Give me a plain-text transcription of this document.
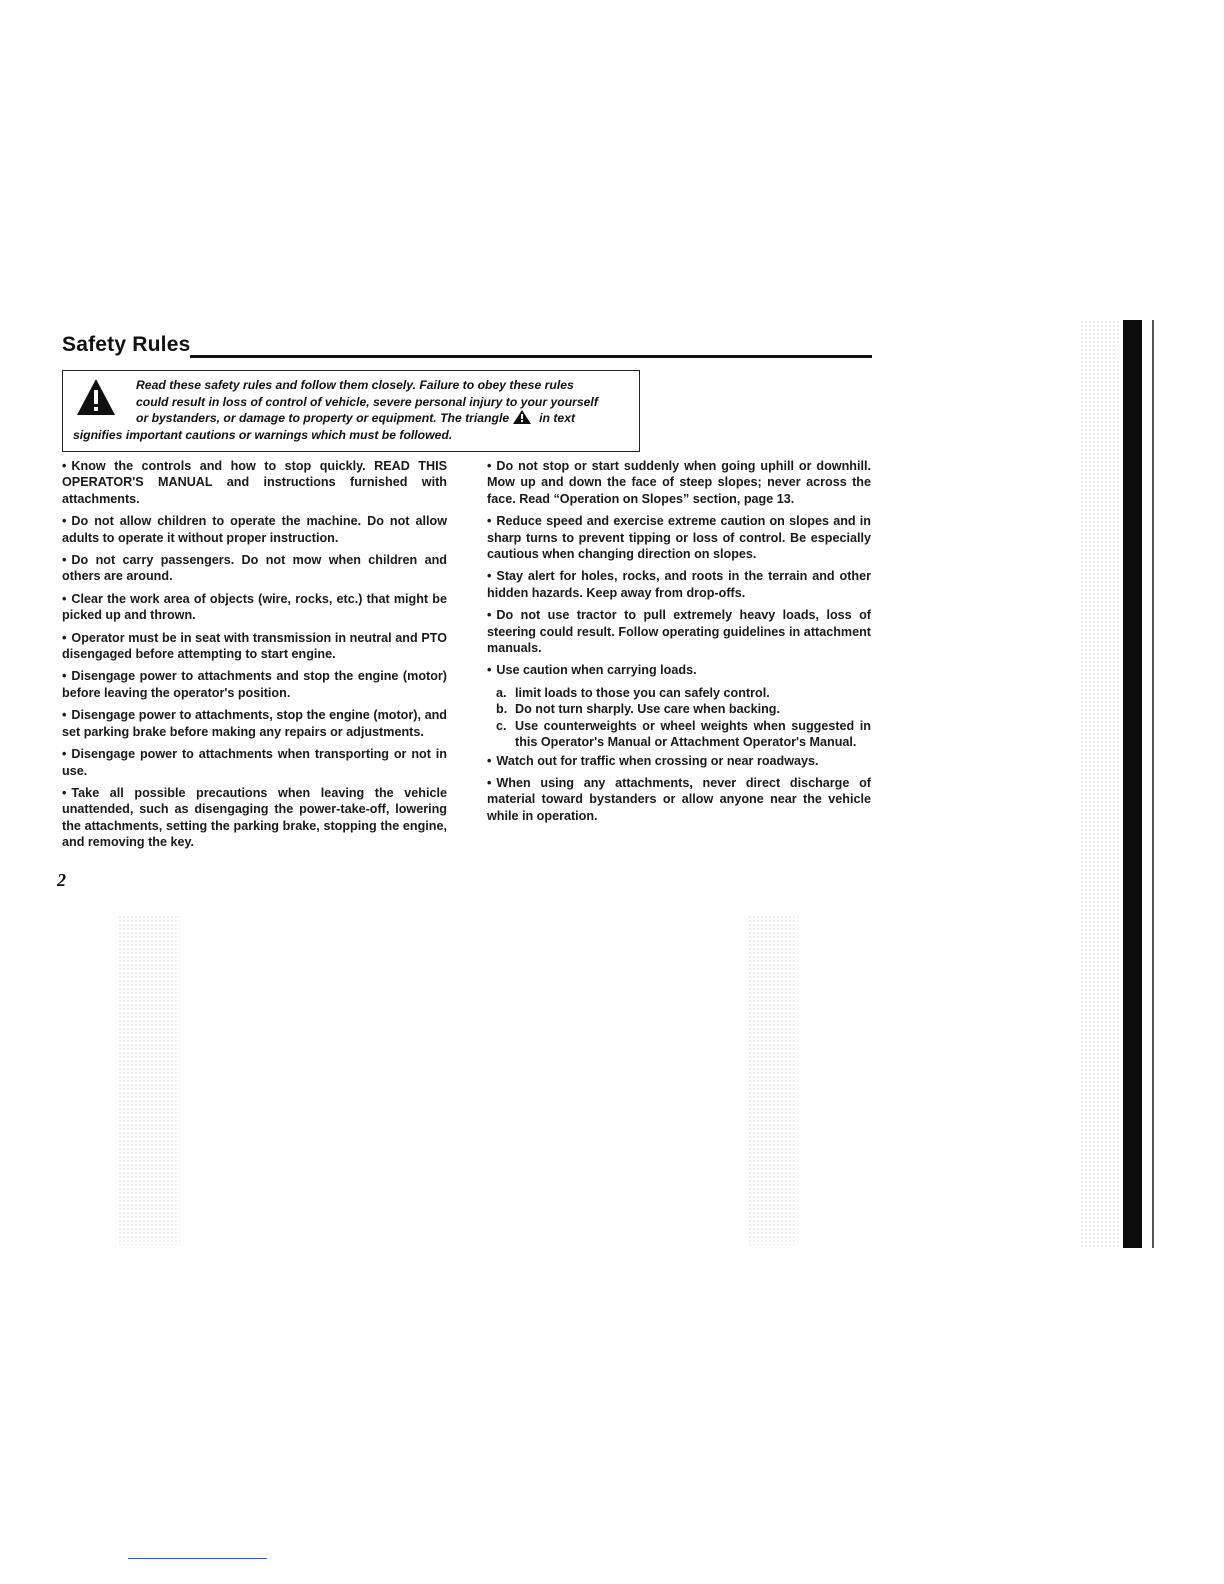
Safety Rules
Read these safety rules and follow them closely. Failure to obey these rules
could result in loss of control of vehicle, severe personal injury to your yourself
or bystanders, or damage to property or equipment. The triangle in text
signifies important cautions or warnings which must be followed.

• Know the controls and how to stop quickly. READ THIS OPERATOR'S MANUAL and instructions furnished with attachments.

• Do not allow children to operate the machine. Do not allow adults to operate it without proper instruction.

• Do not carry passengers. Do not mow when children and others are around.

• Clear the work area of objects (wire, rocks, etc.) that might be picked up and thrown.

• Operator must be in seat with transmission in neutral and PTO disengaged before attempting to start engine.

• Disengage power to attachments and stop the engine (motor) before leaving the operator's position.

• Disengage power to attachments, stop the engine (motor), and set parking brake before making any repairs or adjustments.

• Disengage power to attachments when transporting or not in use.

• Take all possible precautions when leaving the vehicle unattended, such as disengaging the power-take-off, lowering the attachments, setting the parking brake, stopping the engine, and removing the key.

• Do not stop or start suddenly when going uphill or downhill. Mow up and down the face of steep slopes; never across the face. Read “Operation on Slopes” section, page 13.

• Reduce speed and exercise extreme caution on slopes and in sharp turns to prevent tipping or loss of control. Be especially cautious when changing direction on slopes.

• Stay alert for holes, rocks, and roots in the terrain and other hidden hazards. Keep away from drop-offs.

• Do not use tractor to pull extremely heavy loads, loss of steering could result. Follow operating guidelines in attachment manuals.

• Use caution when carrying loads.

a. limit loads to those you can safely control.
b. Do not turn sharply. Use care when backing.
c. Use counterweights or wheel weights when suggested in this Operator's Manual or Attachment Operator's Manual.

• Watch out for traffic when crossing or near roadways.

• When using any attachments, never direct discharge of material toward bystanders or allow anyone near the vehicle while in operation.

2
